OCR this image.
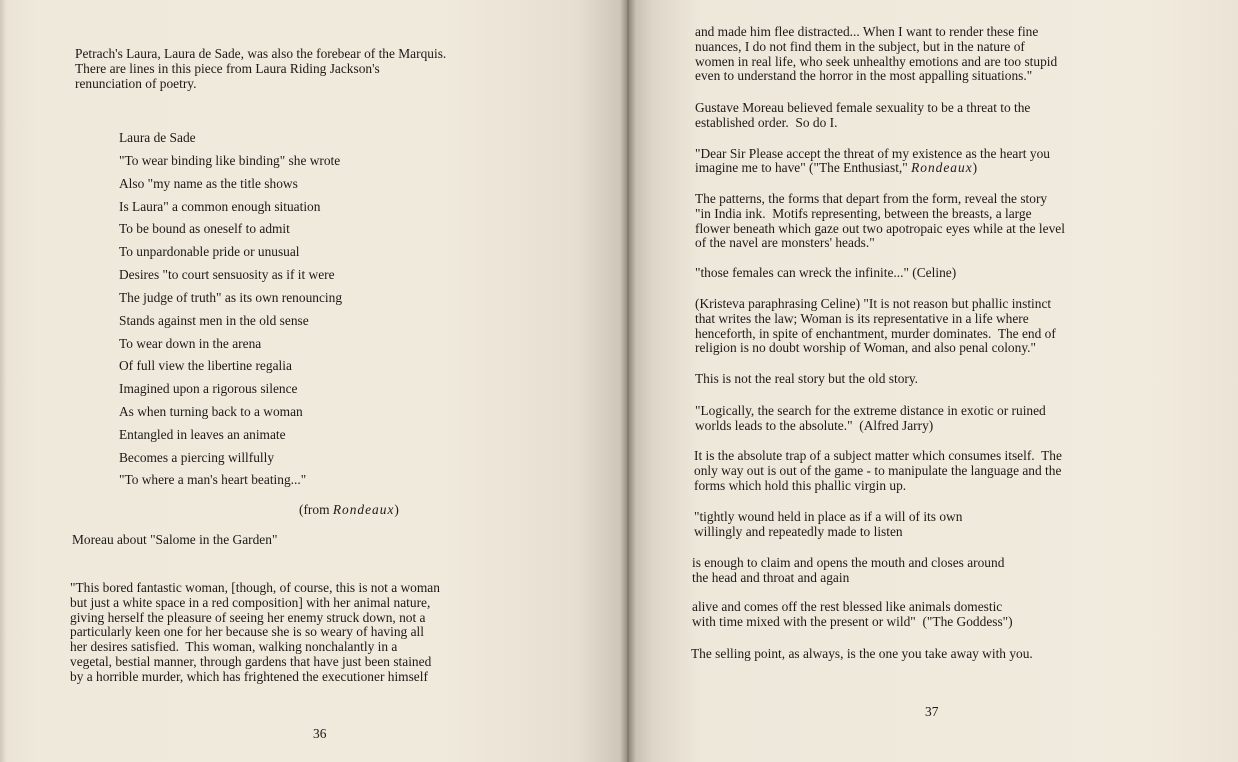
Petrach's Laura, Laura de Sade, was also the forebear of the Marquis.
There are lines in this piece from Laura Riding Jackson's
renunciation of poetry.
Laura de Sade
"To wear binding like binding" she wrote
Also "my name as the title shows
Is Laura" a common enough situation
To be bound as oneself to admit
To unpardonable pride or unusual
Desires "to court sensuosity as if it were
The judge of truth" as its own renouncing
Stands against men in the old sense
To wear down in the arena
Of full view the libertine regalia
Imagined upon a rigorous silence
As when turning back to a woman
Entangled in leaves an animate
Becomes a piercing willfully
"To where a man's heart beating..."
(from Rondeaux)
Moreau about "Salome in the Garden"
"This bored fantastic woman, [though, of course, this is not a woman
but just a white space in a red composition] with her animal nature,
giving herself the pleasure of seeing her enemy struck down, not a
particularly keen one for her because she is so weary of having all
her desires satisfied.  This woman, walking nonchalantly in a
vegetal, bestial manner, through gardens that have just been stained
by a horrible murder, which has frightened the executioner himself
36
and made him flee distracted... When I want to render these fine
nuances, I do not find them in the subject, but in the nature of
women in real life, who seek unhealthy emotions and are too stupid
even to understand the horror in the most appalling situations."
Gustave Moreau believed female sexuality to be a threat to the
established order.  So do I.
"Dear Sir Please accept the threat of my existence as the heart you
imagine me to have" ("The Enthusiast," Rondeaux)
The patterns, the forms that depart from the form, reveal the story
"in India ink.  Motifs representing, between the breasts, a large
flower beneath which gaze out two apotropaic eyes while at the level
of the navel are monsters' heads."
"those females can wreck the infinite..." (Celine)
(Kristeva paraphrasing Celine) "It is not reason but phallic instinct
that writes the law; Woman is its representative in a life where
henceforth, in spite of enchantment, murder dominates.  The end of
religion is no doubt worship of Woman, and also penal colony."
This is not the real story but the old story.
"Logically, the search for the extreme distance in exotic or ruined
worlds leads to the absolute."  (Alfred Jarry)
It is the absolute trap of a subject matter which consumes itself.  The
only way out is out of the game - to manipulate the language and the
forms which hold this phallic virgin up.
"tightly wound held in place as if a will of its own
willingly and repeatedly made to listen
is enough to claim and opens the mouth and closes around
the head and throat and again
alive and comes off the rest blessed like animals domestic
with time mixed with the present or wild"  ("The Goddess")
The selling point, as always, is the one you take away with you.
37
